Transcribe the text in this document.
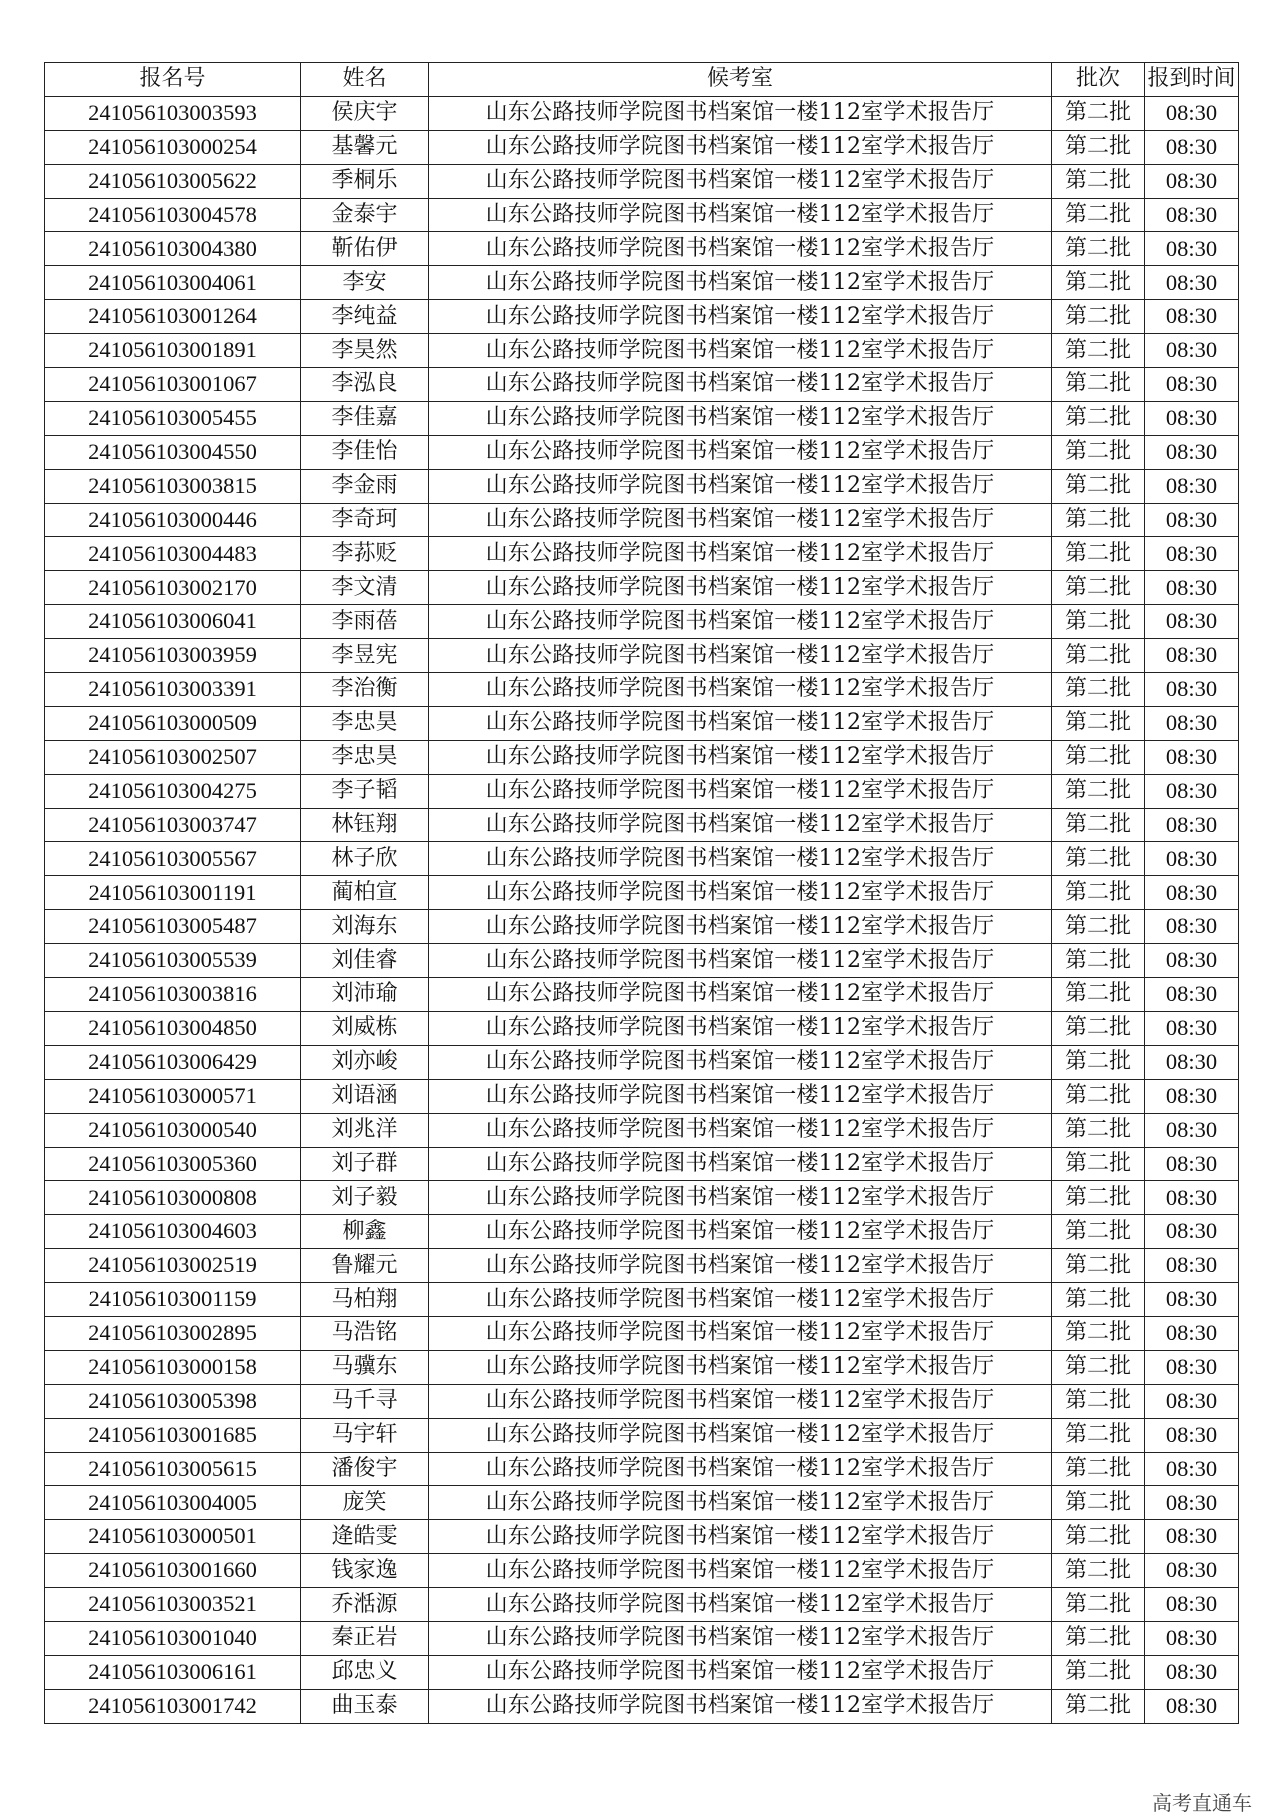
报名号	姓名	候考室	批次	报到时间
241056103003593	侯庆宇	山东公路技师学院图书档案馆一楼112室学术报告厅	第二批	08:30
241056103000254	基馨元	山东公路技师学院图书档案馆一楼112室学术报告厅	第二批	08:30
241056103005622	季桐乐	山东公路技师学院图书档案馆一楼112室学术报告厅	第二批	08:30
241056103004578	金泰宇	山东公路技师学院图书档案馆一楼112室学术报告厅	第二批	08:30
241056103004380	靳佑伊	山东公路技师学院图书档案馆一楼112室学术报告厅	第二批	08:30
241056103004061	李安	山东公路技师学院图书档案馆一楼112室学术报告厅	第二批	08:30
241056103001264	李纯益	山东公路技师学院图书档案馆一楼112室学术报告厅	第二批	08:30
241056103001891	李昊然	山东公路技师学院图书档案馆一楼112室学术报告厅	第二批	08:30
241056103001067	李泓良	山东公路技师学院图书档案馆一楼112室学术报告厅	第二批	08:30
241056103005455	李佳嘉	山东公路技师学院图书档案馆一楼112室学术报告厅	第二批	08:30
241056103004550	李佳怡	山东公路技师学院图书档案馆一楼112室学术报告厅	第二批	08:30
241056103003815	李金雨	山东公路技师学院图书档案馆一楼112室学术报告厅	第二批	08:30
241056103000446	李奇珂	山东公路技师学院图书档案馆一楼112室学术报告厅	第二批	08:30
241056103004483	李荪贬	山东公路技师学院图书档案馆一楼112室学术报告厅	第二批	08:30
241056103002170	李文清	山东公路技师学院图书档案馆一楼112室学术报告厅	第二批	08:30
241056103006041	李雨蓓	山东公路技师学院图书档案馆一楼112室学术报告厅	第二批	08:30
241056103003959	李昱宪	山东公路技师学院图书档案馆一楼112室学术报告厅	第二批	08:30
241056103003391	李治衡	山东公路技师学院图书档案馆一楼112室学术报告厅	第二批	08:30
241056103000509	李忠昊	山东公路技师学院图书档案馆一楼112室学术报告厅	第二批	08:30
241056103002507	李忠昊	山东公路技师学院图书档案馆一楼112室学术报告厅	第二批	08:30
241056103004275	李子韬	山东公路技师学院图书档案馆一楼112室学术报告厅	第二批	08:30
241056103003747	林钰翔	山东公路技师学院图书档案馆一楼112室学术报告厅	第二批	08:30
241056103005567	林子欣	山东公路技师学院图书档案馆一楼112室学术报告厅	第二批	08:30
241056103001191	蔺柏宣	山东公路技师学院图书档案馆一楼112室学术报告厅	第二批	08:30
241056103005487	刘海东	山东公路技师学院图书档案馆一楼112室学术报告厅	第二批	08:30
241056103005539	刘佳睿	山东公路技师学院图书档案馆一楼112室学术报告厅	第二批	08:30
241056103003816	刘沛瑜	山东公路技师学院图书档案馆一楼112室学术报告厅	第二批	08:30
241056103004850	刘威栋	山东公路技师学院图书档案馆一楼112室学术报告厅	第二批	08:30
241056103006429	刘亦峻	山东公路技师学院图书档案馆一楼112室学术报告厅	第二批	08:30
241056103000571	刘语涵	山东公路技师学院图书档案馆一楼112室学术报告厅	第二批	08:30
241056103000540	刘兆洋	山东公路技师学院图书档案馆一楼112室学术报告厅	第二批	08:30
241056103005360	刘子群	山东公路技师学院图书档案馆一楼112室学术报告厅	第二批	08:30
241056103000808	刘子毅	山东公路技师学院图书档案馆一楼112室学术报告厅	第二批	08:30
241056103004603	柳鑫	山东公路技师学院图书档案馆一楼112室学术报告厅	第二批	08:30
241056103002519	鲁耀元	山东公路技师学院图书档案馆一楼112室学术报告厅	第二批	08:30
241056103001159	马柏翔	山东公路技师学院图书档案馆一楼112室学术报告厅	第二批	08:30
241056103002895	马浩铭	山东公路技师学院图书档案馆一楼112室学术报告厅	第二批	08:30
241056103000158	马骥东	山东公路技师学院图书档案馆一楼112室学术报告厅	第二批	08:30
241056103005398	马千寻	山东公路技师学院图书档案馆一楼112室学术报告厅	第二批	08:30
241056103001685	马宇轩	山东公路技师学院图书档案馆一楼112室学术报告厅	第二批	08:30
241056103005615	潘俊宇	山东公路技师学院图书档案馆一楼112室学术报告厅	第二批	08:30
241056103004005	庞笑	山东公路技师学院图书档案馆一楼112室学术报告厅	第二批	08:30
241056103000501	逄皓雯	山东公路技师学院图书档案馆一楼112室学术报告厅	第二批	08:30
241056103001660	钱家逸	山东公路技师学院图书档案馆一楼112室学术报告厅	第二批	08:30
241056103003521	乔湉源	山东公路技师学院图书档案馆一楼112室学术报告厅	第二批	08:30
241056103001040	秦正岩	山东公路技师学院图书档案馆一楼112室学术报告厅	第二批	08:30
241056103006161	邱忠义	山东公路技师学院图书档案馆一楼112室学术报告厅	第二批	08:30
241056103001742	曲玉泰	山东公路技师学院图书档案馆一楼112室学术报告厅	第二批	08:30
高考直通车
